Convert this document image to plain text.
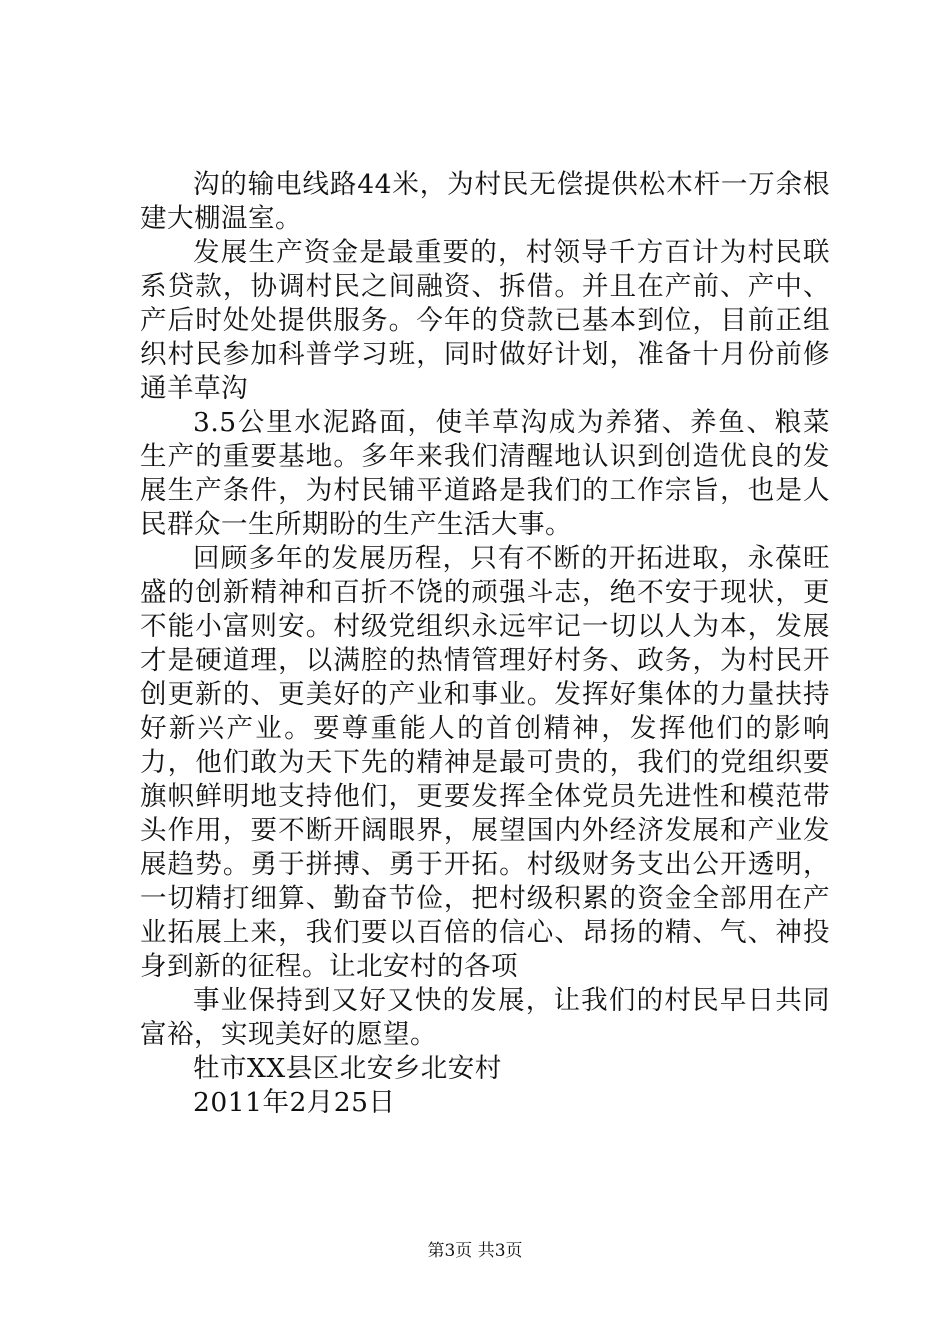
沟的输电线路44米，为村民无偿提供松木杆一万余根建大棚温室。

发展生产资金是最重要的，村领导千方百计为村民联系贷款，协调村民之间融资、拆借。并且在产前、产中、产后时处处提供服务。今年的贷款已基本到位，目前正组织村民参加科普学习班，同时做好计划，准备十月份前修通羊草沟

3.5公里水泥路面，使羊草沟成为养猪、养鱼、粮菜生产的重要基地。多年来我们清醒地认识到创造优良的发展生产条件，为村民铺平道路是我们的工作宗旨，也是人民群众一生所期盼的生产生活大事。

回顾多年的发展历程，只有不断的开拓进取，永葆旺盛的创新精神和百折不饶的顽强斗志，绝不安于现状，更不能小富则安。村级党组织永远牢记一切以人为本，发展才是硬道理，以满腔的热情管理好村务、政务，为村民开创更新的、更美好的产业和事业。发挥好集体的力量扶持好新兴产业。要尊重能人的首创精神，发挥他们的影响力，他们敢为天下先的精神是最可贵的，我们的党组织要旗帜鲜明地支持他们，更要发挥全体党员先进性和模范带头作用，要不断开阔眼界，展望国内外经济发展和产业发展趋势。勇于拼搏、勇于开拓。村级财务支出公开透明，一切精打细算、勤奋节俭，把村级积累的资金全部用在产业拓展上来，我们要以百倍的信心、昂扬的精、气、神投身到新的征程。让北安村的各项

事业保持到又好又快的发展，让我们的村民早日共同富裕，实现美好的愿望。

牡市XX县区北安乡北安村

2011年2月25日

第3页 共3页
